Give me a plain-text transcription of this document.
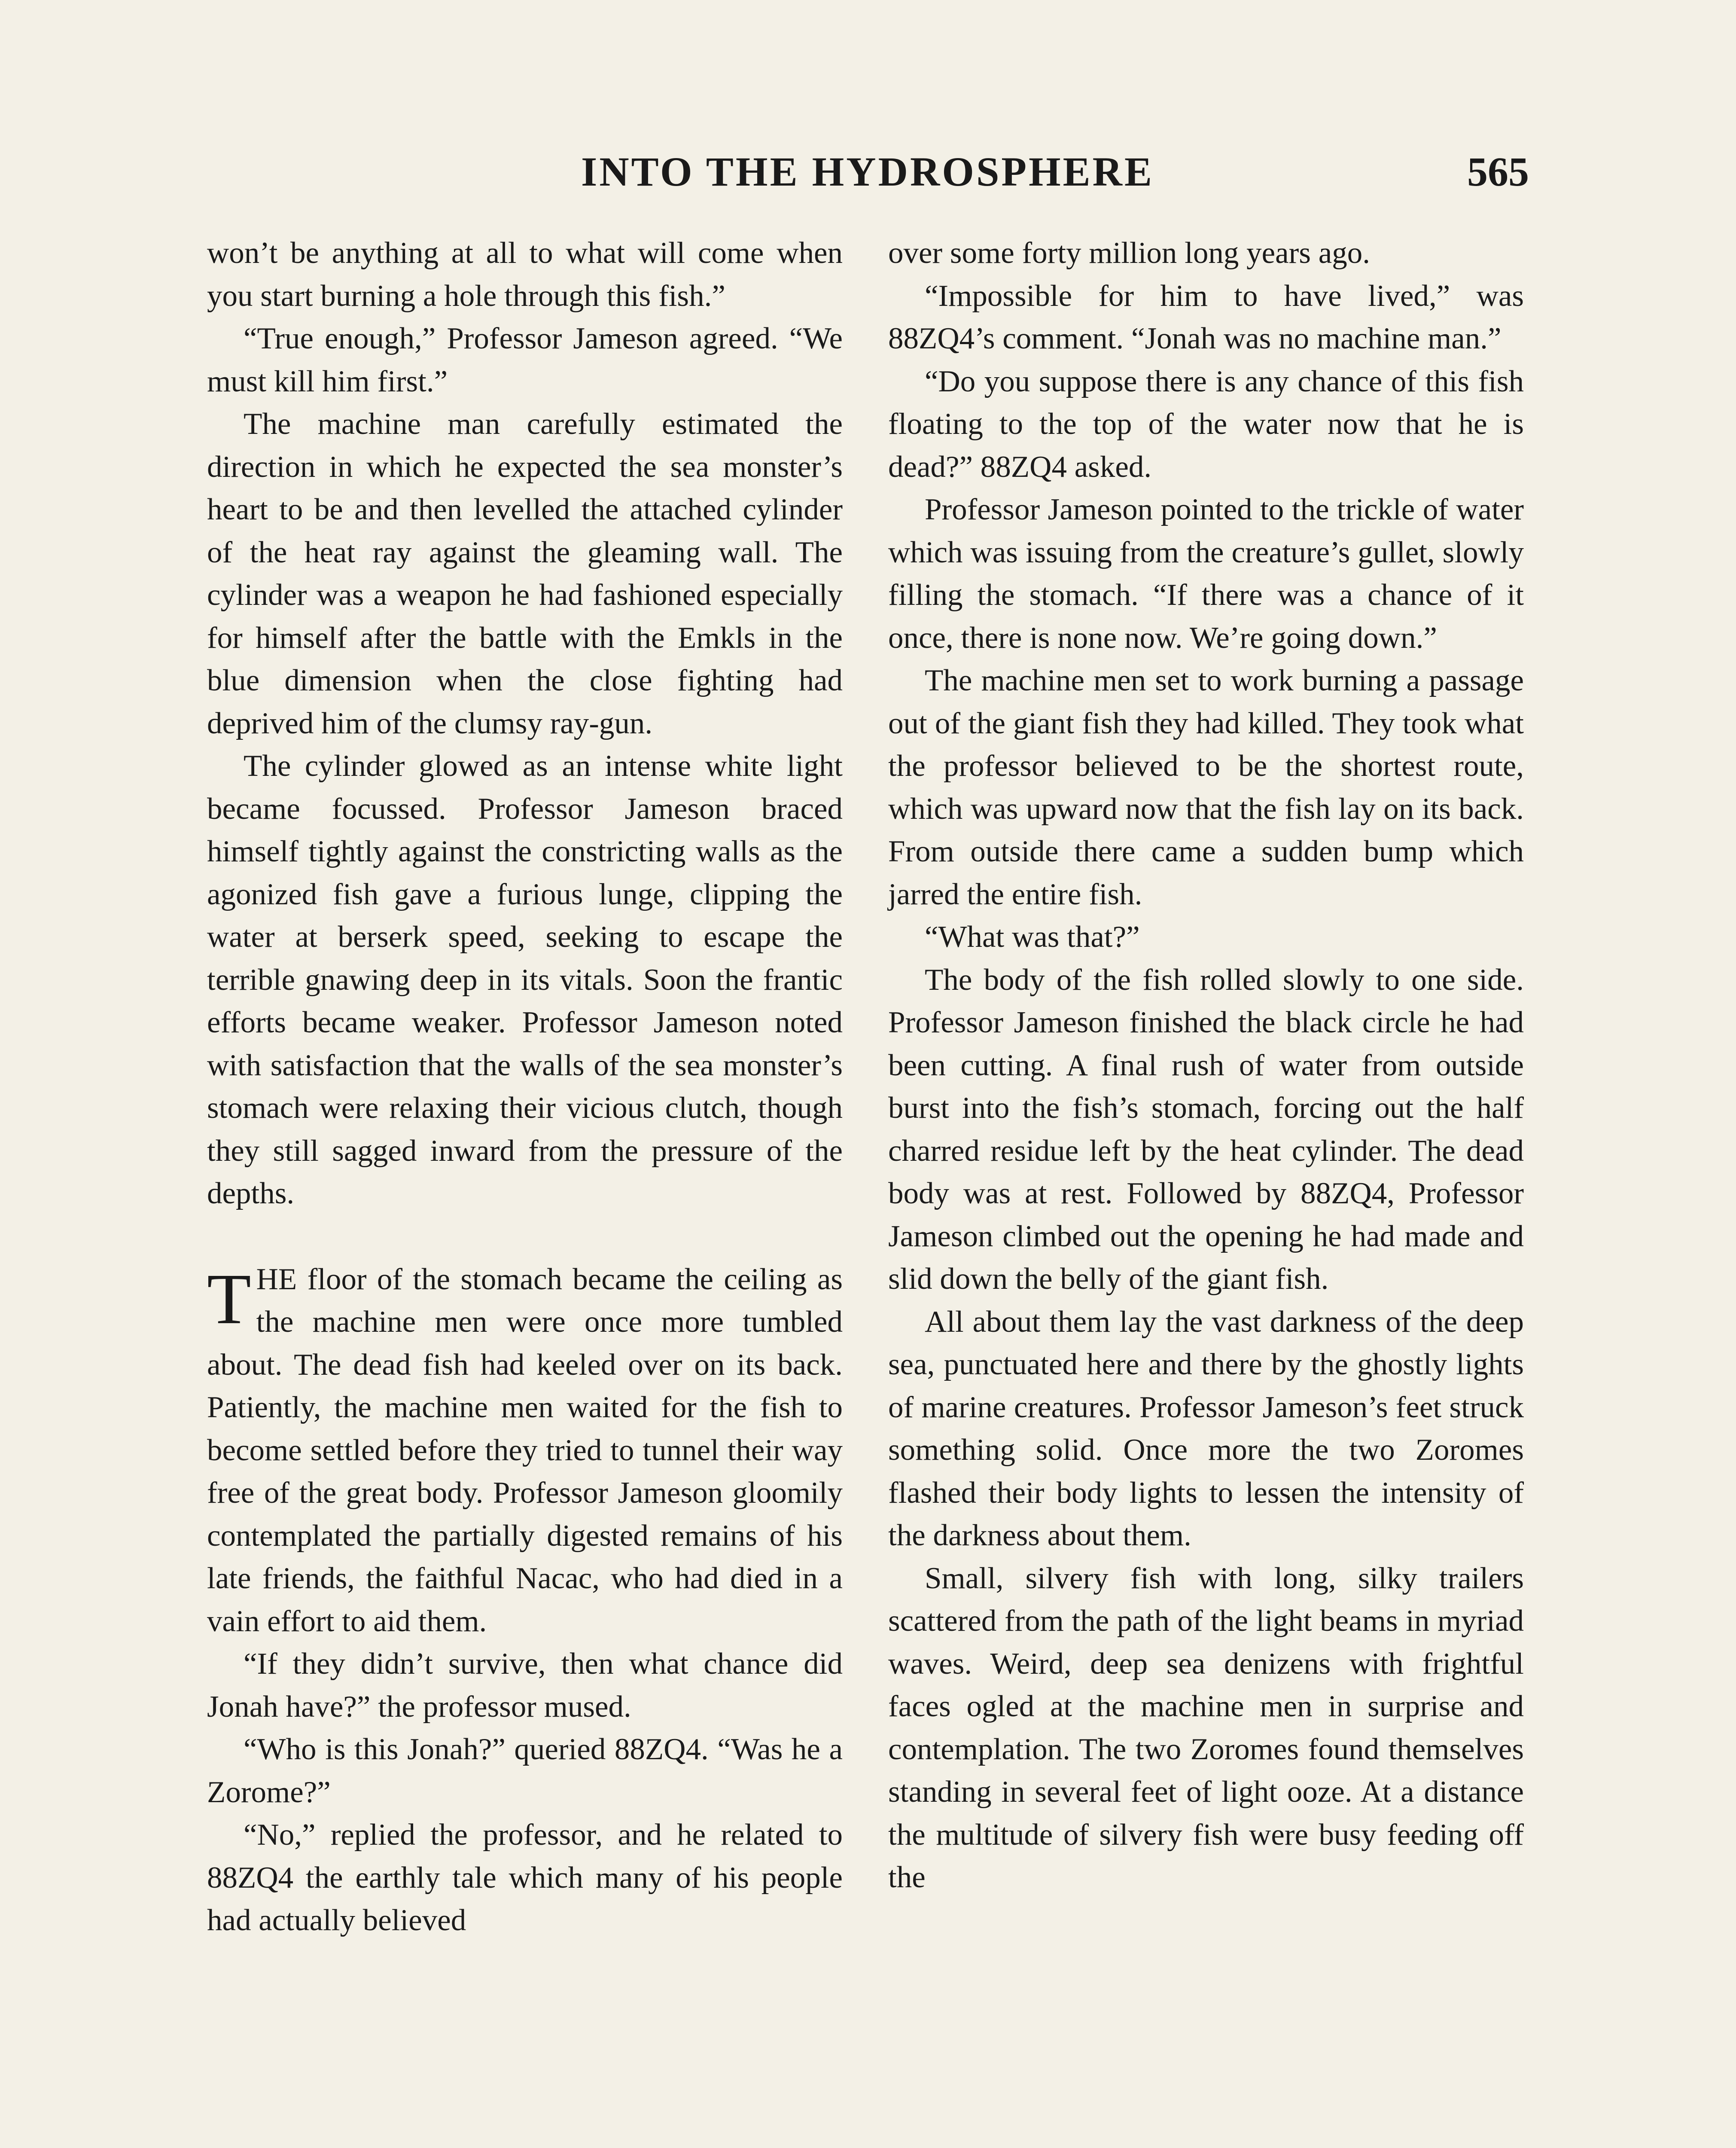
INTO THE HYDROSPHERE	565

won’t be anything at all to what will come when you start burning a hole through this fish.”

“True enough,” Professor Jameson agreed. “We must kill him first.”

The machine man carefully estimated the direction in which he expected the sea monster’s heart to be and then levelled the attached cylinder of the heat ray against the gleaming wall. The cylinder was a weapon he had fashioned especially for himself after the battle with the Emkls in the blue dimension when the close fighting had deprived him of the clumsy ray-gun.

The cylinder glowed as an intense white light became focussed. Professor Jameson braced himself tightly against the constricting walls as the agonized fish gave a furious lunge, clipping the water at berserk speed, seeking to escape the terrible gnawing deep in its vitals. Soon the frantic efforts became weaker. Professor Jameson noted with satisfaction that the walls of the sea monster’s stomach were relaxing their vicious clutch, though they still sagged inward from the pressure of the depths.

THE floor of the stomach became the ceiling as the machine men were once more tumbled about. The dead fish had keeled over on its back. Patiently, the machine men waited for the fish to become settled before they tried to tunnel their way free of the great body. Professor Jameson gloomily contemplated the partially digested remains of his late friends, the faithful Nacac, who had died in a vain effort to aid them.

“If they didn’t survive, then what chance did Jonah have?” the professor mused.

“Who is this Jonah?” queried 88ZQ4. “Was he a Zorome?”

“No,” replied the professor, and he related to 88ZQ4 the earthly tale which many of his people had actually believed

over some forty million long years ago.

“Impossible for him to have lived,” was 88ZQ4’s comment. “Jonah was no machine man.”

“Do you suppose there is any chance of this fish floating to the top of the water now that he is dead?” 88ZQ4 asked.

Professor Jameson pointed to the trickle of water which was issuing from the creature’s gullet, slowly filling the stomach. “If there was a chance of it once, there is none now. We’re going down.”

The machine men set to work burning a passage out of the giant fish they had killed. They took what the professor believed to be the shortest route, which was upward now that the fish lay on its back. From outside there came a sudden bump which jarred the entire fish.

“What was that?”

The body of the fish rolled slowly to one side. Professor Jameson finished the black circle he had been cutting. A final rush of water from outside burst into the fish’s stomach, forcing out the half charred residue left by the heat cylinder. The dead body was at rest. Followed by 88ZQ4, Professor Jameson climbed out the opening he had made and slid down the belly of the giant fish.

All about them lay the vast darkness of the deep sea, punctuated here and there by the ghostly lights of marine creatures. Professor Jameson’s feet struck something solid. Once more the two Zoromes flashed their body lights to lessen the intensity of the darkness about them.

Small, silvery fish with long, silky trailers scattered from the path of the light beams in myriad waves. Weird, deep sea denizens with frightful faces ogled at the machine men in surprise and contemplation. The two Zoromes found themselves standing in several feet of light ooze. At a distance the multitude of silvery fish were busy feeding off the
